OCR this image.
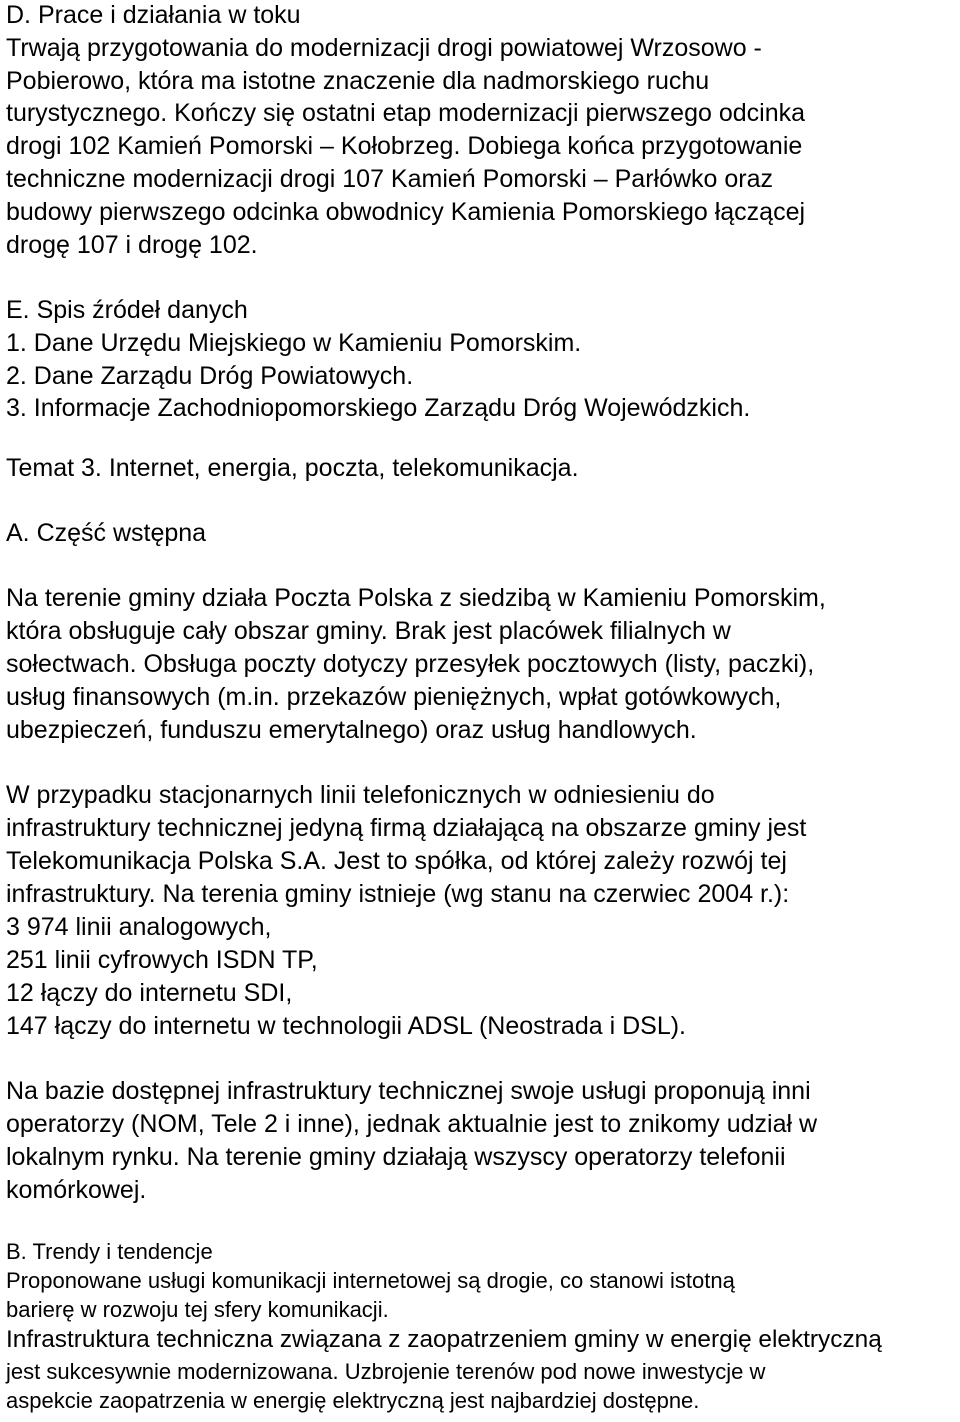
D. Prace i działania w toku
Trwają przygotowania do modernizacji drogi powiatowej Wrzosowo -
Pobierowo, która ma istotne znaczenie dla nadmorskiego ruchu
turystycznego. Kończy się ostatni etap modernizacji pierwszego odcinka
drogi 102 Kamień Pomorski – Kołobrzeg. Dobiega końca przygotowanie
techniczne modernizacji drogi 107 Kamień Pomorski – Parłówko oraz
budowy pierwszego odcinka obwodnicy Kamienia Pomorskiego łączącej
drogę 107 i drogę 102.
E. Spis źródeł danych
1. Dane Urzędu Miejskiego w Kamieniu Pomorskim.
2. Dane Zarządu Dróg Powiatowych.
3. Informacje Zachodniopomorskiego Zarządu Dróg Wojewódzkich.
Temat 3. Internet, energia, poczta, telekomunikacja.
A. Część wstępna
Na terenie gminy działa Poczta Polska z siedzibą w Kamieniu Pomorskim,
która obsługuje cały obszar gminy. Brak jest placówek filialnych w
sołectwach. Obsługa poczty dotyczy przesyłek pocztowych (listy, paczki),
usług finansowych (m.in. przekazów pieniężnych, wpłat gotówkowych,
ubezpieczeń, funduszu emerytalnego) oraz usług handlowych.
W przypadku stacjonarnych linii telefonicznych w odniesieniu do
infrastruktury technicznej jedyną firmą działającą na obszarze gminy jest
Telekomunikacja Polska S.A. Jest to spółka, od której zależy rozwój tej
infrastruktury. Na terenia gminy istnieje (wg stanu na czerwiec 2004 r.):
3 974 linii analogowych,
251 linii cyfrowych ISDN TP,
12 łączy do internetu SDI,
147 łączy do internetu w technologii ADSL (Neostrada i DSL).
Na bazie dostępnej infrastruktury technicznej swoje usługi proponują inni
operatorzy (NOM, Tele 2 i inne), jednak aktualnie jest to znikomy udział w
lokalnym rynku. Na terenie gminy działają wszyscy operatorzy telefonii
komórkowej.
B. Trendy i tendencje
Proponowane usługi komunikacji internetowej są drogie, co stanowi istotną
barierę w rozwoju tej sfery komunikacji.
Infrastruktura techniczna związana z zaopatrzeniem gminy w energię elektryczną
jest sukcesywnie modernizowana. Uzbrojenie terenów pod nowe inwestycje w
aspekcie zaopatrzenia w energię elektryczną jest najbardziej dostępne.
